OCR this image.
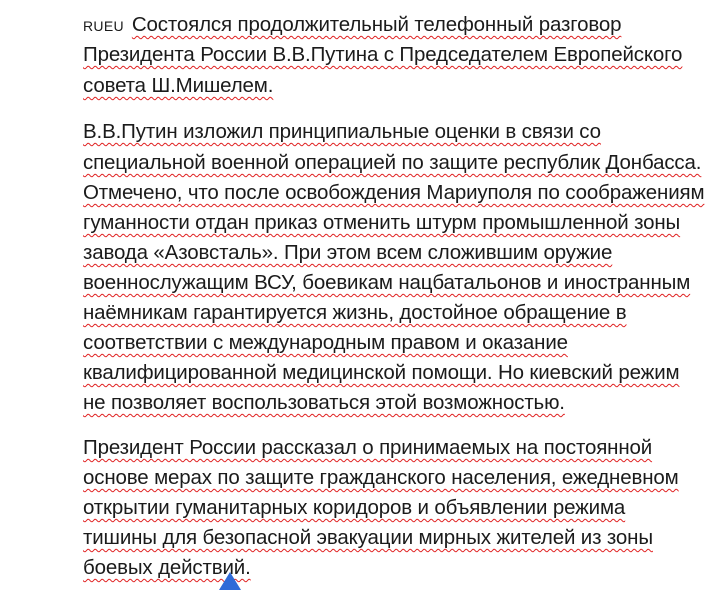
RUEU Состоялся продолжительный телефонный разговор
Президента России В.В.Путина с Председателем Европейского
совета Ш.Мишелем.
В.В.Путин изложил принципиальные оценки в связи со
специальной военной операцией по защите республик Донбасса.
Отмечено, что после освобождения Мариуполя по соображениям
гуманности отдан приказ отменить штурм промышленной зоны
завода «Азовсталь». При этом всем сложившим оружие
военнослужащим ВСУ, боевикам нацбатальонов и иностранным
наёмникам гарантируется жизнь, достойное обращение в
соответствии с международным правом и оказание
квалифицированной медицинской помощи. Но киевский режим
не позволяет воспользоваться этой возможностью.
Президент России рассказал о принимаемых на постоянной
основе мерах по защите гражданского населения, ежедневном
открытии гуманитарных коридоров и объявлении режима
тишины для безопасной эвакуации мирных жителей из зоны
боевых действий.
